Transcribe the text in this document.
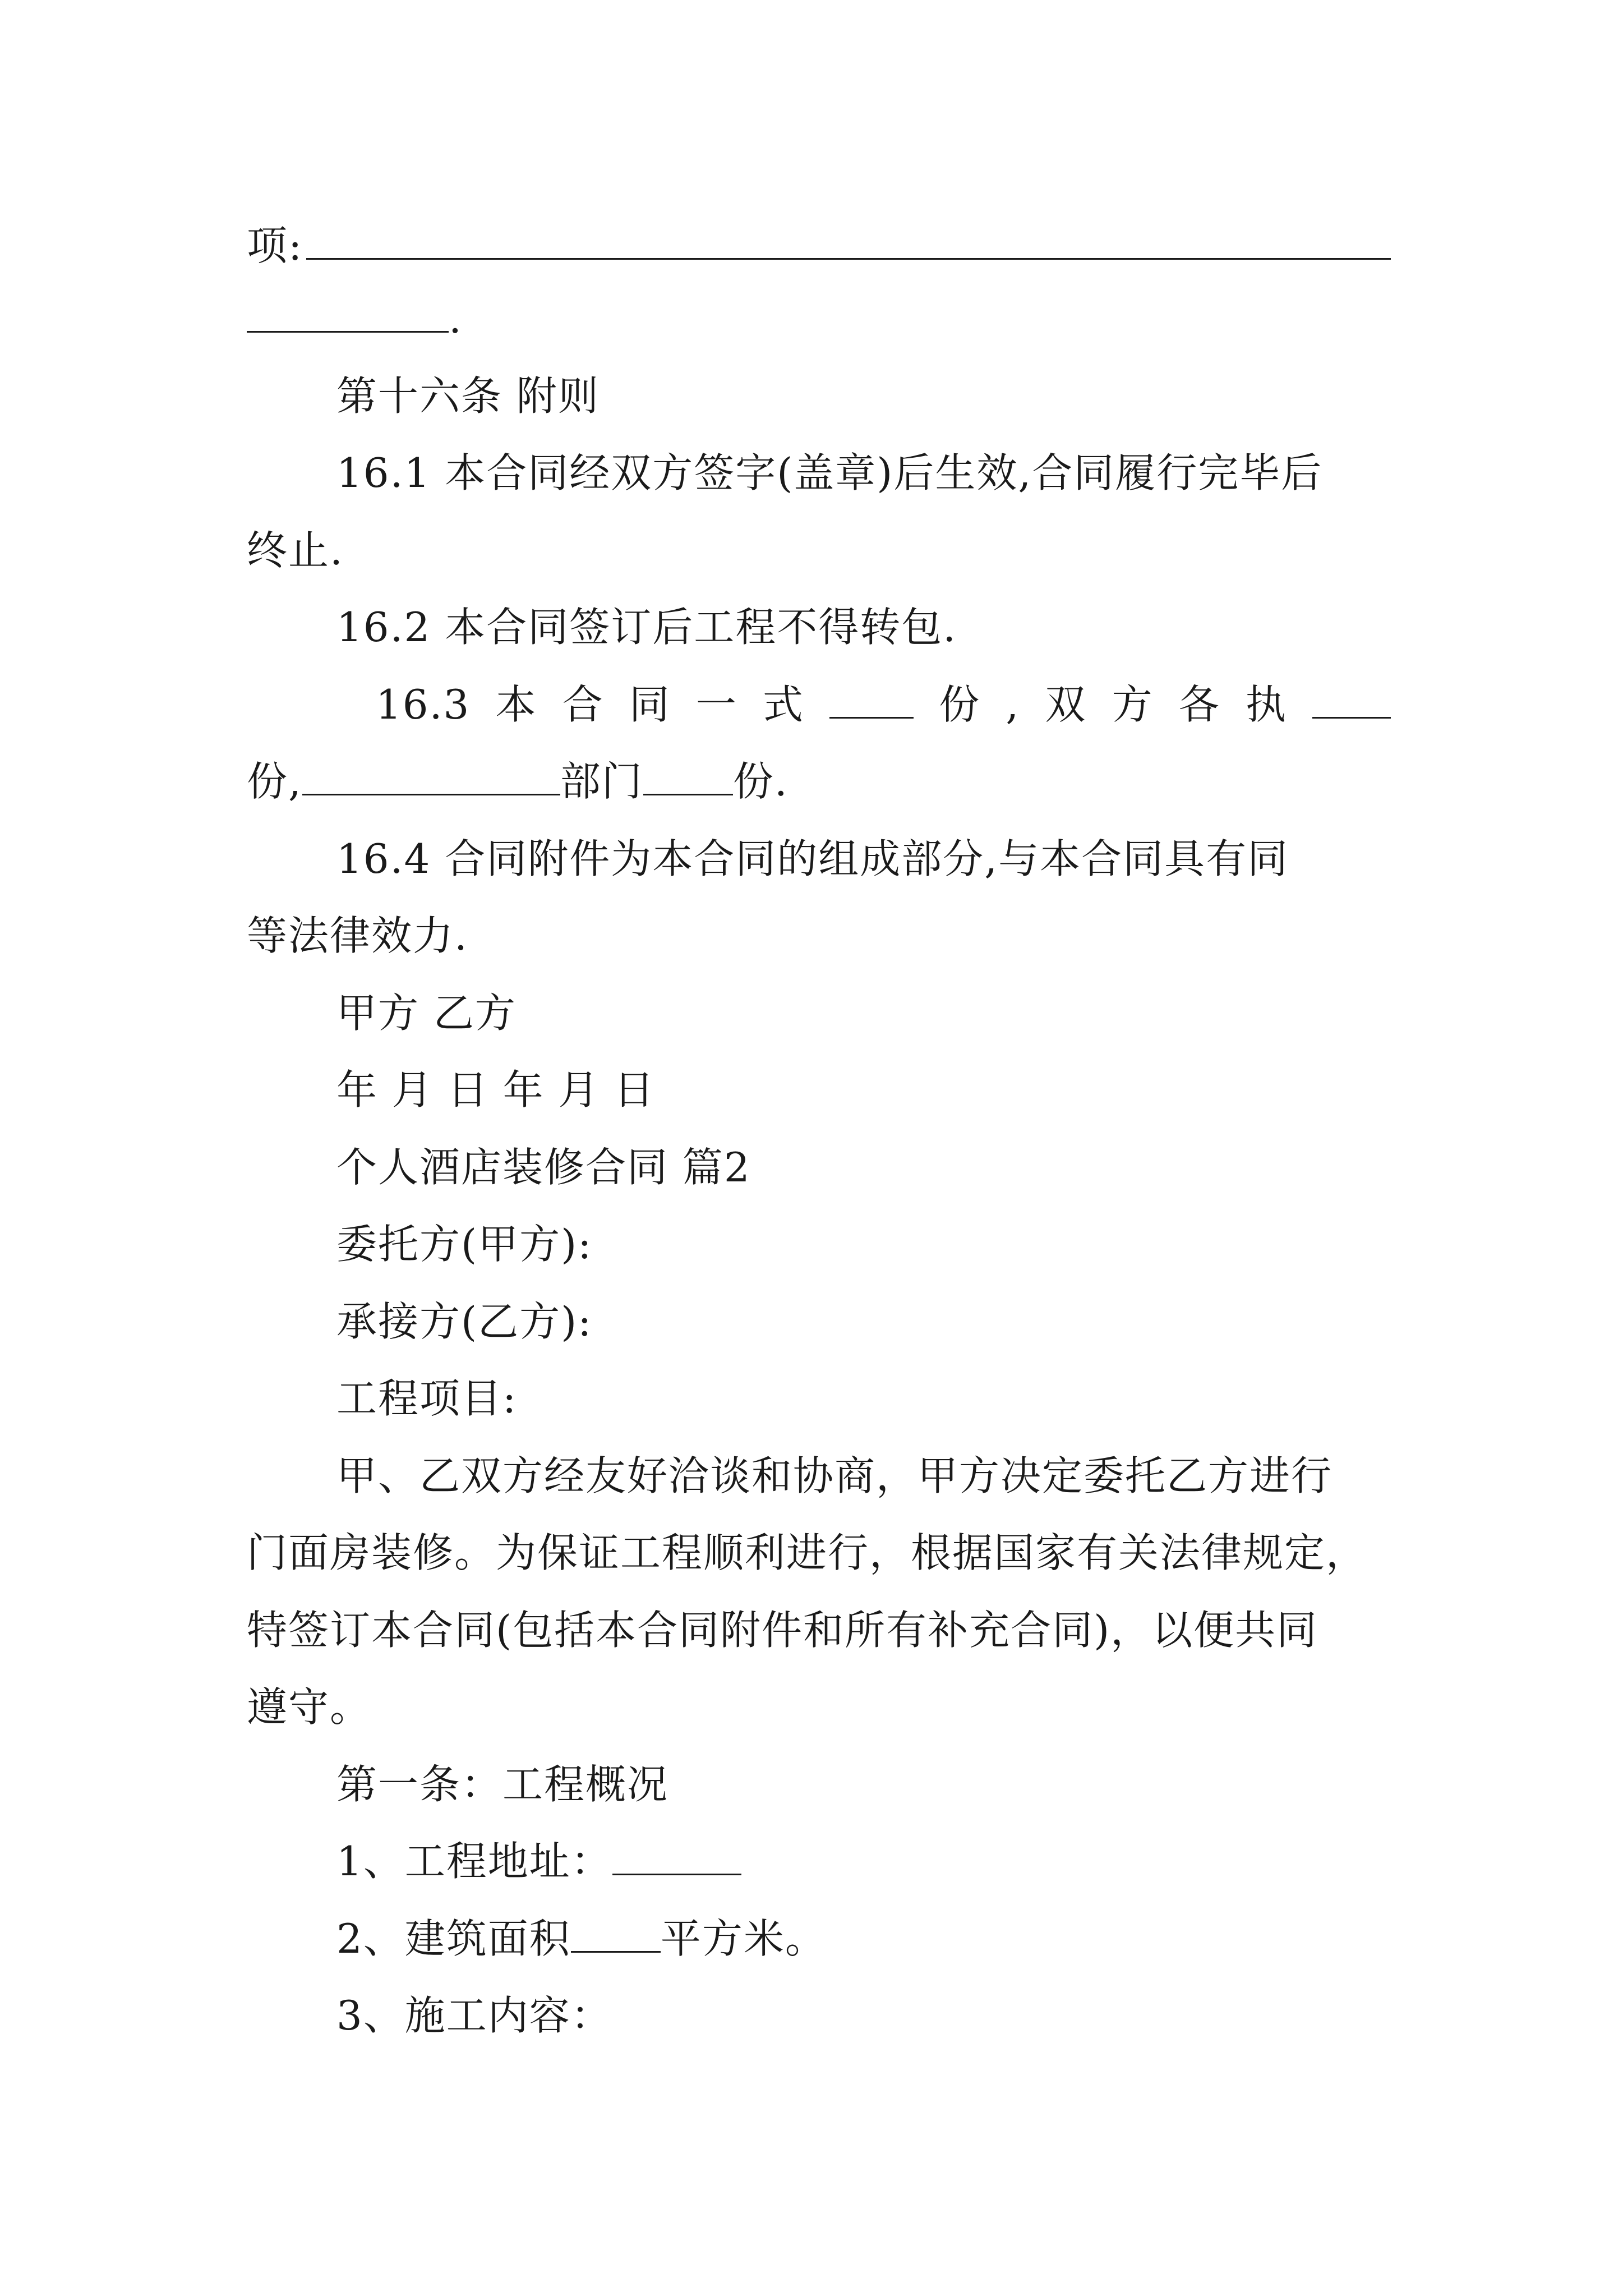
项:
.
第十六条 附则
16.1 本合同经双方签字(盖章)后生效,合同履行完毕后
终止.
16.2 本合同签订后工程不得转包.
16.3 本 合 同 一 式	份 , 双 方 各 执
份,	部门 份.
16.4 合同附件为本合同的组成部分,与本合同具有同
等法律效力.
甲方 乙方
年 月 日 年 月 日
个人酒店装修合同 篇2
委托方(甲方):
承接方(乙方):
工程项目:
甲、乙双方经友好洽谈和协商，甲方决定委托乙方进行
门面房装修。为保证工程顺利进行，根据国家有关法律规定，
特签订本合同(包括本合同附件和所有补充合同)，以便共同
遵守。
第一条：工程概况
1、工程地址：
2、建筑面积 平方米。
3、施工内容：
